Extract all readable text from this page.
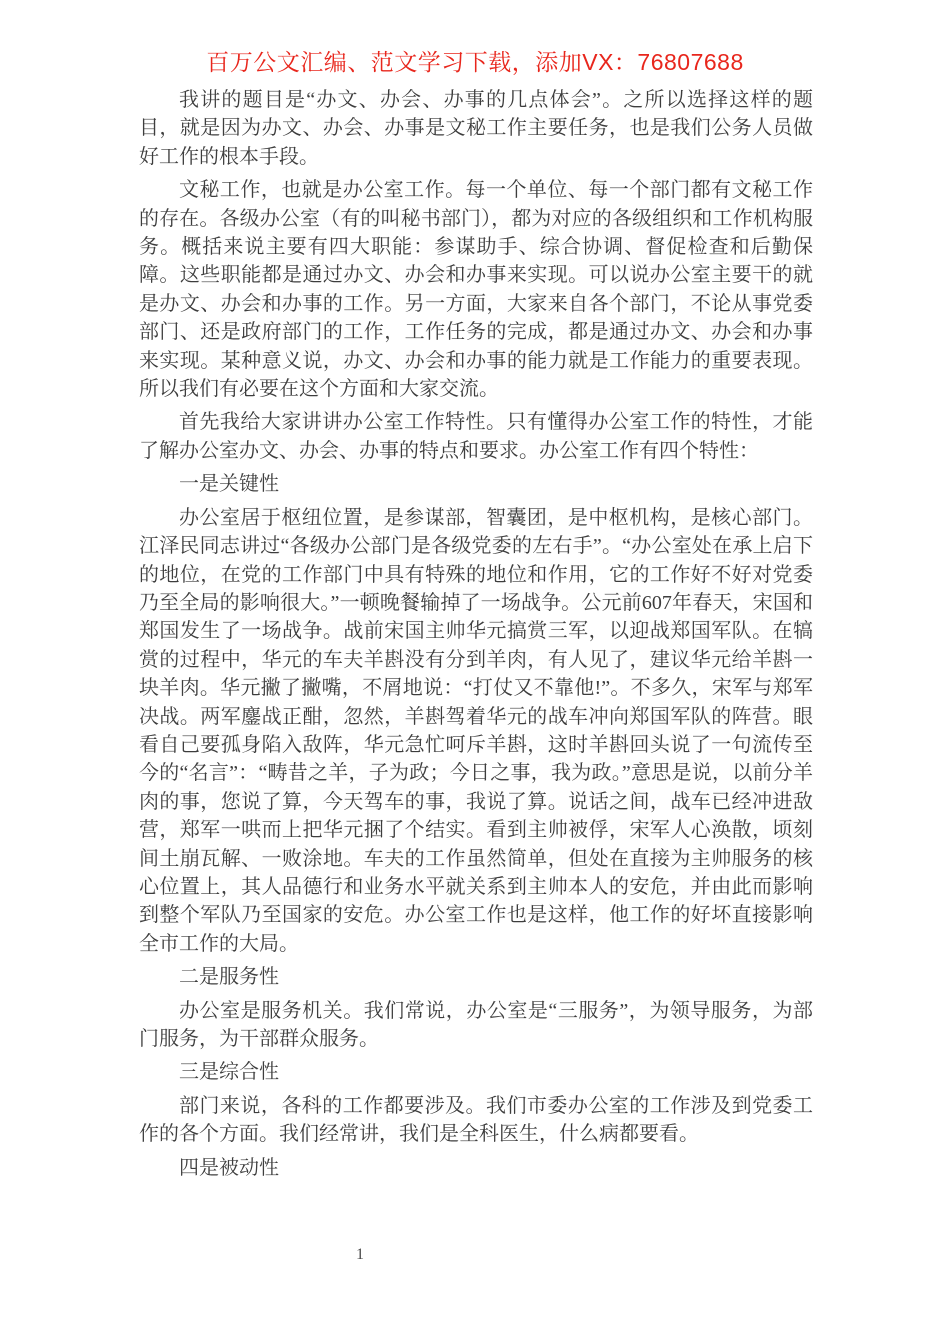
百万公文汇编、范文学习下载，添加VX：76807688

我讲的题目是“办文、办会、办事的几点体会”。之所以选择这样的题目，就是因为办文、办会、办事是文秘工作主要任务，也是我们公务人员做好工作的根本手段。

文秘工作，也就是办公室工作。每一个单位、每一个部门都有文秘工作的存在。各级办公室（有的叫秘书部门），都为对应的各级组织和工作机构服务。概括来说主要有四大职能：参谋助手、综合协调、督促检查和后勤保障。这些职能都是通过办文、办会和办事来实现。可以说办公室主要干的就是办文、办会和办事的工作。另一方面，大家来自各个部门，不论从事党委部门、还是政府部门的工作，工作任务的完成，都是通过办文、办会和办事来实现。某种意义说，办文、办会和办事的能力就是工作能力的重要表现。所以我们有必要在这个方面和大家交流。

首先我给大家讲讲办公室工作特性。只有懂得办公室工作的特性，才能了解办公室办文、办会、办事的特点和要求。办公室工作有四个特性：

一是关键性

办公室居于枢纽位置，是参谋部，智囊团，是中枢机构，是核心部门。江泽民同志讲过“各级办公部门是各级党委的左右手”。“办公室处在承上启下的地位，在党的工作部门中具有特殊的地位和作用，它的工作好不好对党委乃至全局的影响很大。”一顿晚餐输掉了一场战争。公元前607年春天，宋国和郑国发生了一场战争。战前宋国主帅华元搞赏三军，以迎战郑国军队。在犒赏的过程中，华元的车夫羊斟没有分到羊肉，有人见了，建议华元给羊斟一块羊肉。华元撇了撇嘴，不屑地说：“打仗又不靠他!”。不多久，宋军与郑军决战。两军鏖战正酣，忽然，羊斟驾着华元的战车冲向郑国军队的阵营。眼看自己要孤身陷入敌阵，华元急忙呵斥羊斟，这时羊斟回头说了一句流传至今的“名言”：“畴昔之羊，子为政；今日之事，我为政。”意思是说，以前分羊肉的事，您说了算，今天驾车的事，我说了算。说话之间，战车已经冲进敌营，郑军一哄而上把华元捆了个结实。看到主帅被俘，宋军人心涣散，顷刻间土崩瓦解、一败涂地。车夫的工作虽然简单，但处在直接为主帅服务的核心位置上，其人品德行和业务水平就关系到主帅本人的安危，并由此而影响到整个军队乃至国家的安危。办公室工作也是这样，他工作的好坏直接影响全市工作的大局。

二是服务性

办公室是服务机关。我们常说，办公室是“三服务”，为领导服务，为部门服务，为干部群众服务。

三是综合性

部门来说，各科的工作都要涉及。我们市委办公室的工作涉及到党委工作的各个方面。我们经常讲，我们是全科医生，什么病都要看。

四是被动性

1
